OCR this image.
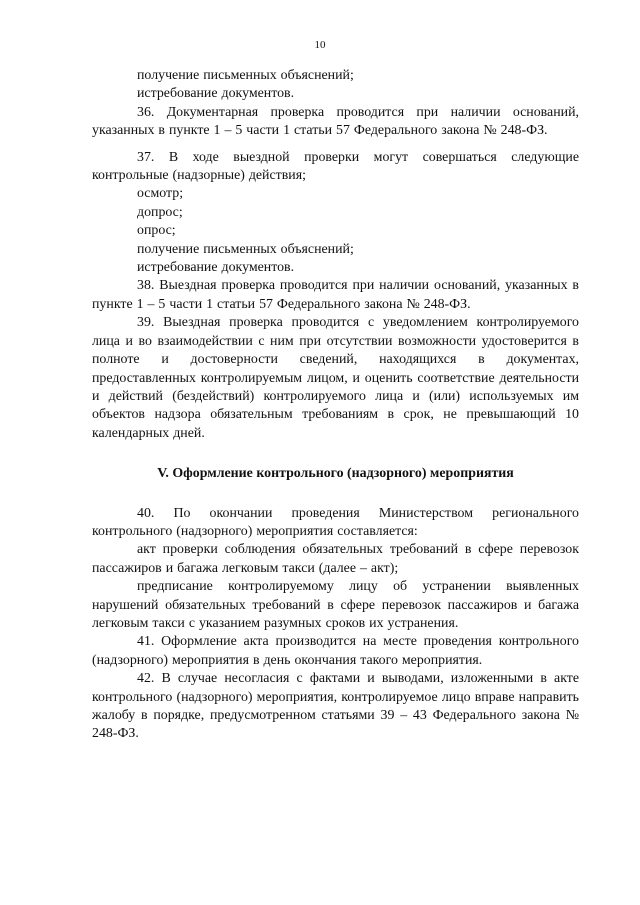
10

получение письменных объяснений;

истребование документов.

36. Документарная проверка проводится при наличии оснований, указанных в пункте 1 – 5 части 1 статьи 57 Федерального закона № 248-ФЗ.

37. В ходе выездной проверки могут совершаться следующие контрольные (надзорные) действия;

осмотр;

допрос;

опрос;

получение письменных объяснений;

истребование документов.

38. Выездная проверка проводится при наличии оснований, указанных в пункте 1 – 5 части 1 статьи 57 Федерального закона № 248-ФЗ.

39. Выездная проверка проводится с уведомлением контролируемого лица и во взаимодействии с ним при отсутствии возможности удостоверится в полноте и достоверности сведений, находящихся в документах, предоставленных контролируемым лицом, и оценить соответствие деятельности и действий (бездействий) контролируемого лица и (или) используемых им объектов надзора обязательным требованиям в срок, не превышающий 10 календарных дней.

V. Оформление контрольного (надзорного) мероприятия

40. По окончании проведения Министерством регионального контрольного (надзорного) мероприятия составляется:

акт проверки соблюдения обязательных требований в сфере перевозок пассажиров и багажа легковым такси (далее – акт);

предписание контролируемому лицу об устранении выявленных нарушений обязательных требований в сфере перевозок пассажиров и багажа легковым такси с указанием разумных сроков их устранения.

41. Оформление акта производится на месте проведения контрольного (надзорного) мероприятия в день окончания такого мероприятия.

42. В случае несогласия с фактами и выводами, изложенными в акте контрольного (надзорного) мероприятия, контролируемое лицо вправе направить жалобу в порядке, предусмотренном статьями 39 – 43 Федерального закона № 248-ФЗ.
